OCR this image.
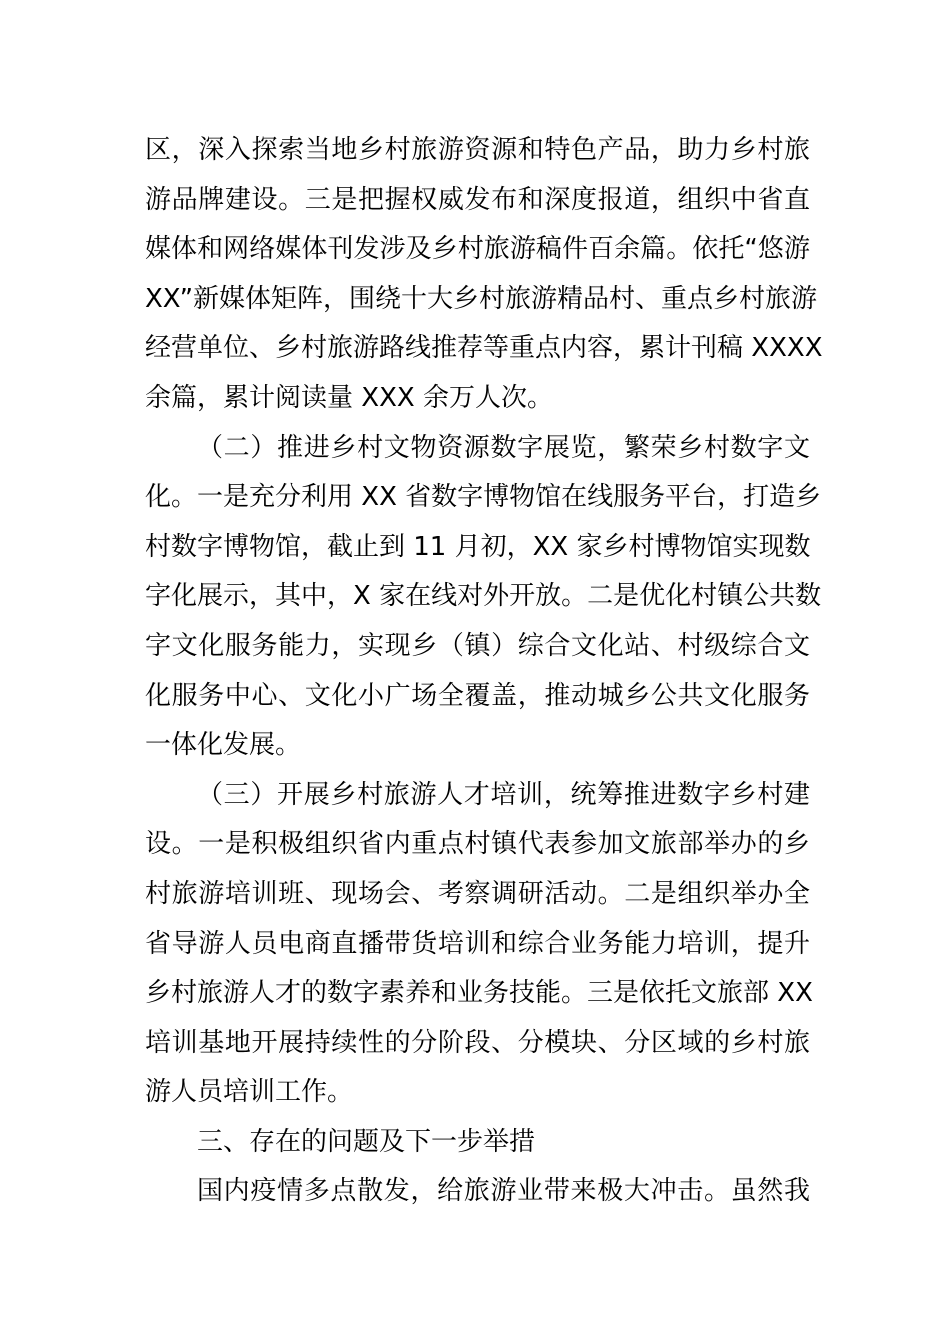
区，深入探索当地乡村旅游资源和特色产品，助力乡村旅
游品牌建设。三是把握权威发布和深度报道，组织中省直
媒体和网络媒体刊发涉及乡村旅游稿件百余篇。依托“悠游
XX”新媒体矩阵，围绕十大乡村旅游精品村、重点乡村旅游
经营单位、乡村旅游路线推荐等重点内容，累计刊稿 XXXX
余篇，累计阅读量 XXX 余万人次。
（二）推进乡村文物资源数字展览，繁荣乡村数字文
化。一是充分利用 XX 省数字博物馆在线服务平台，打造乡
村数字博物馆，截止到 11 月初，XX 家乡村博物馆实现数
字化展示，其中，X 家在线对外开放。二是优化村镇公共数
字文化服务能力，实现乡（镇）综合文化站、村级综合文
化服务中心、文化小广场全覆盖，推动城乡公共文化服务
一体化发展。
（三）开展乡村旅游人才培训，统筹推进数字乡村建
设。一是积极组织省内重点村镇代表参加文旅部举办的乡
村旅游培训班、现场会、考察调研活动。二是组织举办全
省导游人员电商直播带货培训和综合业务能力培训，提升
乡村旅游人才的数字素养和业务技能。三是依托文旅部 XX
培训基地开展持续性的分阶段、分模块、分区域的乡村旅
游人员培训工作。
三、存在的问题及下一步举措
国内疫情多点散发，给旅游业带来极大冲击。虽然我
